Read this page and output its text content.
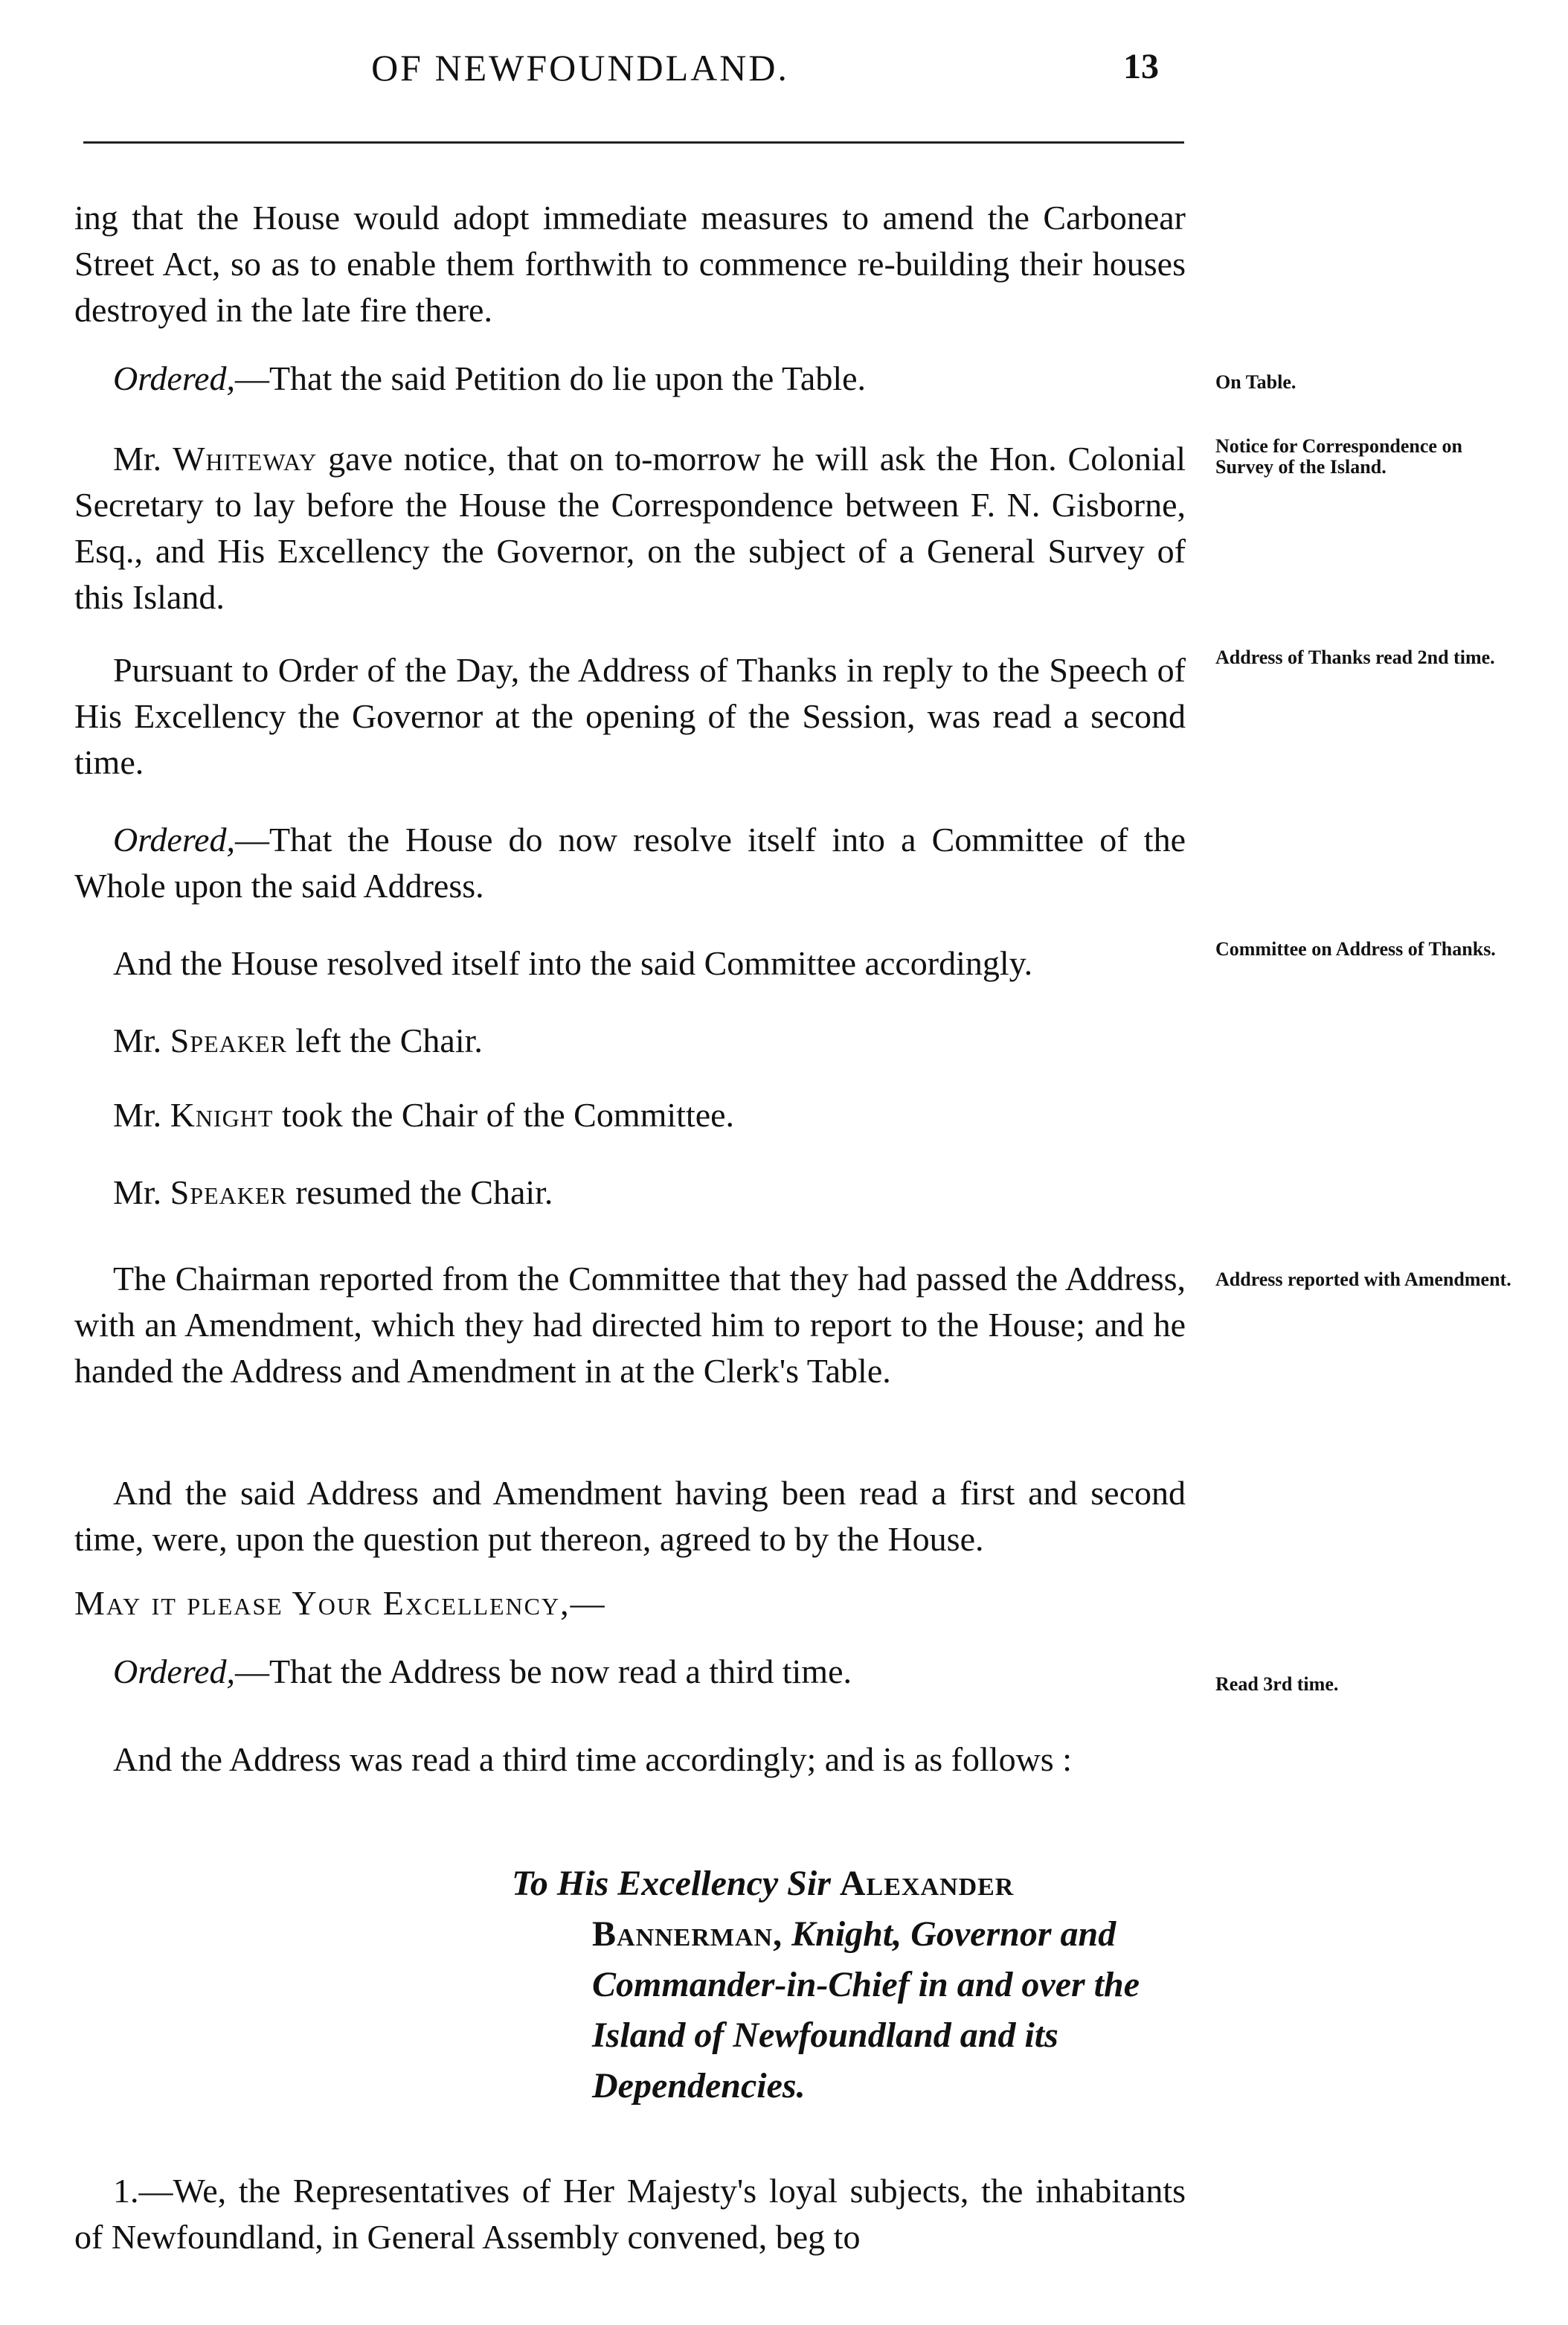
OF NEWFOUNDLAND.	13
ing that the House would adopt immediate measures to amend the Carbonear Street Act, so as to enable them forthwith to commence re-building their houses destroyed in the late fire there.
Ordered,—That the said Petition do lie upon the Table.
Mr. Whiteway gave notice, that on to-morrow he will ask the Hon. Colonial Secretary to lay before the House the Correspondence between F. N. Gisborne, Esq., and His Excellency the Governor, on the subject of a General Survey of this Island.
Pursuant to Order of the Day, the Address of Thanks in reply to the Speech of His Excellency the Governor at the opening of the Session, was read a second time.
Ordered,—That the House do now resolve itself into a Committee of the Whole upon the said Address.
And the House resolved itself into the said Committee accordingly.
Mr. Speaker left the Chair.
Mr. Knight took the Chair of the Committee.
Mr. Speaker resumed the Chair.
The Chairman reported from the Committee that they had passed the Address, with an Amendment, which they had directed him to report to the House; and he handed the Address and Amendment in at the Clerk's Table.
And the said Address and Amendment having been read a first and second time, were, upon the question put thereon, agreed to by the House.
Ordered,—That the Address be now read a third time.
And the Address was read a third time accordingly; and is as follows :
To His Excellency Sir Alexander Bannerman, Knight, Governor and Commander-in-Chief in and over the Island of Newfoundland and its Dependencies.
May it please Your Excellency,—
1.—We, the Representatives of Her Majesty's loyal subjects, the inhabitants of Newfoundland, in General Assembly convened, beg to
On Table.
Notice for Correspondence on Survey of the Island.
Address of Thanks read 2nd time.
Committee on Address of Thanks.
Address reported with Amendment.
Read 3rd time.
